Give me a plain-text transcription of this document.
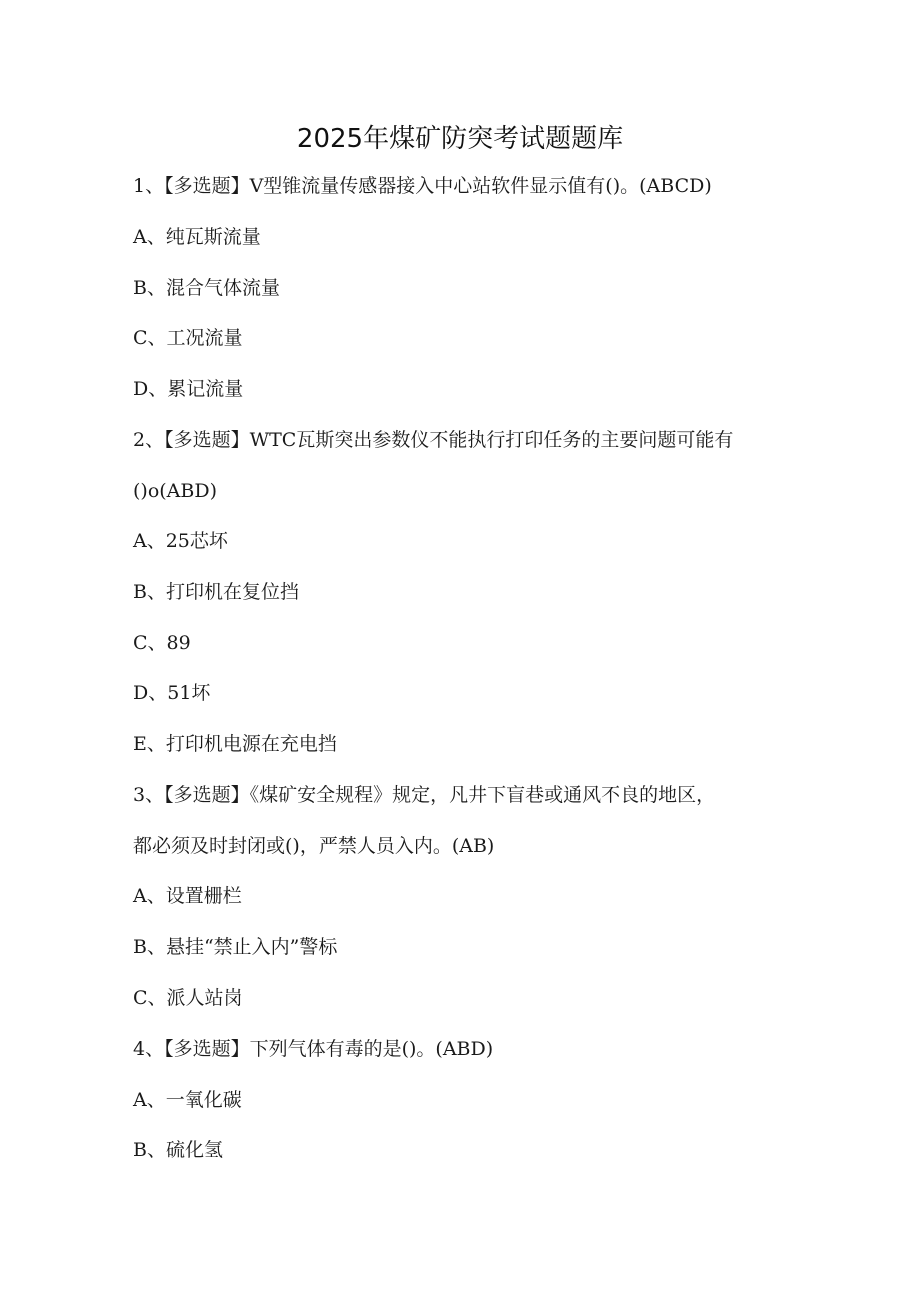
2025年煤矿防突考试题题库
1、【多选题】V型锥流量传感器接入中心站软件显示值有()。(ABCD)
A、纯瓦斯流量
B、混合气体流量
C、工况流量
D、累记流量
2、【多选题】WTC瓦斯突出参数仪不能执行打印任务的主要问题可能有
()o(ABD)
A、25芯坏
B、打印机在复位挡
C、89
D、51坏
E、打印机电源在充电挡
3、【多选题】《煤矿安全规程》规定，凡井下盲巷或通风不良的地区，
都必须及时封闭或()，严禁人员入内。(AB)
A、设置栅栏
B、悬挂“禁止入内”警标
C、派人站岗
4、【多选题】下列气体有毒的是()。(ABD)
A、一氧化碳
B、硫化氢
